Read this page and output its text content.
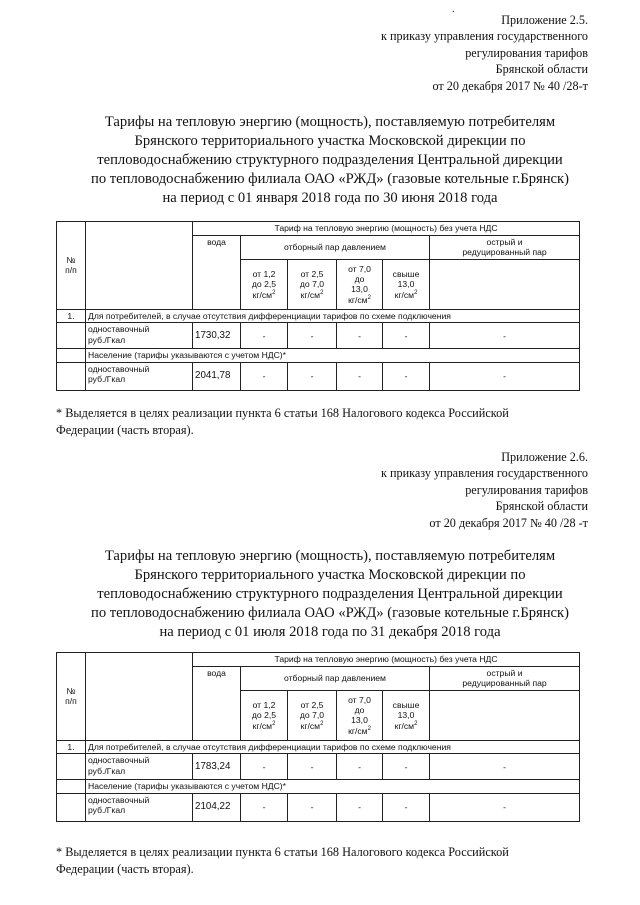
.
Приложение 2.5.
к приказу управления государственного
регулирования тарифов
Брянской области
от 20 декабря 2017 № 40 /28-т
Тарифы на тепловую энергию (мощность), поставляемую потребителям
Брянского территориального участка Московской дирекции по
тепловодоснабжению структурного подразделения Центральной дирекции
по тепловодоснабжению филиала ОАО «РЖД» (газовые котельные г.Брянск)
на период с 01 января 2018 года по 30 июня 2018 года
№
п/п		Тариф на тепловую энергию (мощность) без учета НДС					
		вода	отборный пар давлением				острый и
редуцированный пар
			от 1,2
до 2,5
$кг/см^2$	от 2,5
до 7,0
$кг/см^2$	от 7,0
до
13,0
$кг/см^2$	свыше
13,0
$кг/см^2$	
1.	Для потребителей, в случае отсутствия дифференциации тарифов по схеме подключения						
	одноставочный
руб./Гкал	1730,32	-	-	-	-	-
	Население (тарифы указываются с учетом НДС)*						
	одноставочный
руб./Гкал	2041,78	-	-	-	-	-
* Выделяется в целях реализации пункта 6 статьи 168 Налогового кодекса Российской
Федерации (часть вторая).
Приложение 2.6.
к приказу управления государственного
регулирования тарифов
Брянской области
от 20 декабря 2017 № 40 /28 -т
Тарифы на тепловую энергию (мощность), поставляемую потребителям
Брянского территориального участка Московской дирекции по
тепловодоснабжению структурного подразделения Центральной дирекции
по тепловодоснабжению филиала ОАО «РЖД» (газовые котельные г.Брянск)
на период с 01 июля 2018 года по 31 декабря 2018 года
№
п/п		Тариф на тепловую энергию (мощность) без учета НДС					
		вода	отборный пар давлением				острый и
редуцированный пар
			от 1,2
до 2,5
$кг/см^2$	от 2,5
до 7,0
$кг/см^2$	от 7,0
до
13,0
$кг/см^2$	свыше
13,0
$кг/см^2$	
1.	Для потребителей, в случае отсутствия дифференциации тарифов по схеме подключения						
	одноставочный
руб./Гкал	1783,24	-	-	-	-	-
	Население (тарифы указываются с учетом НДС)*						
	одноставочный
руб./Гкал	2104,22	-	-	-	-	-
* Выделяется в целях реализации пункта 6 статьи 168 Налогового кодекса Российской
Федерации (часть вторая).
